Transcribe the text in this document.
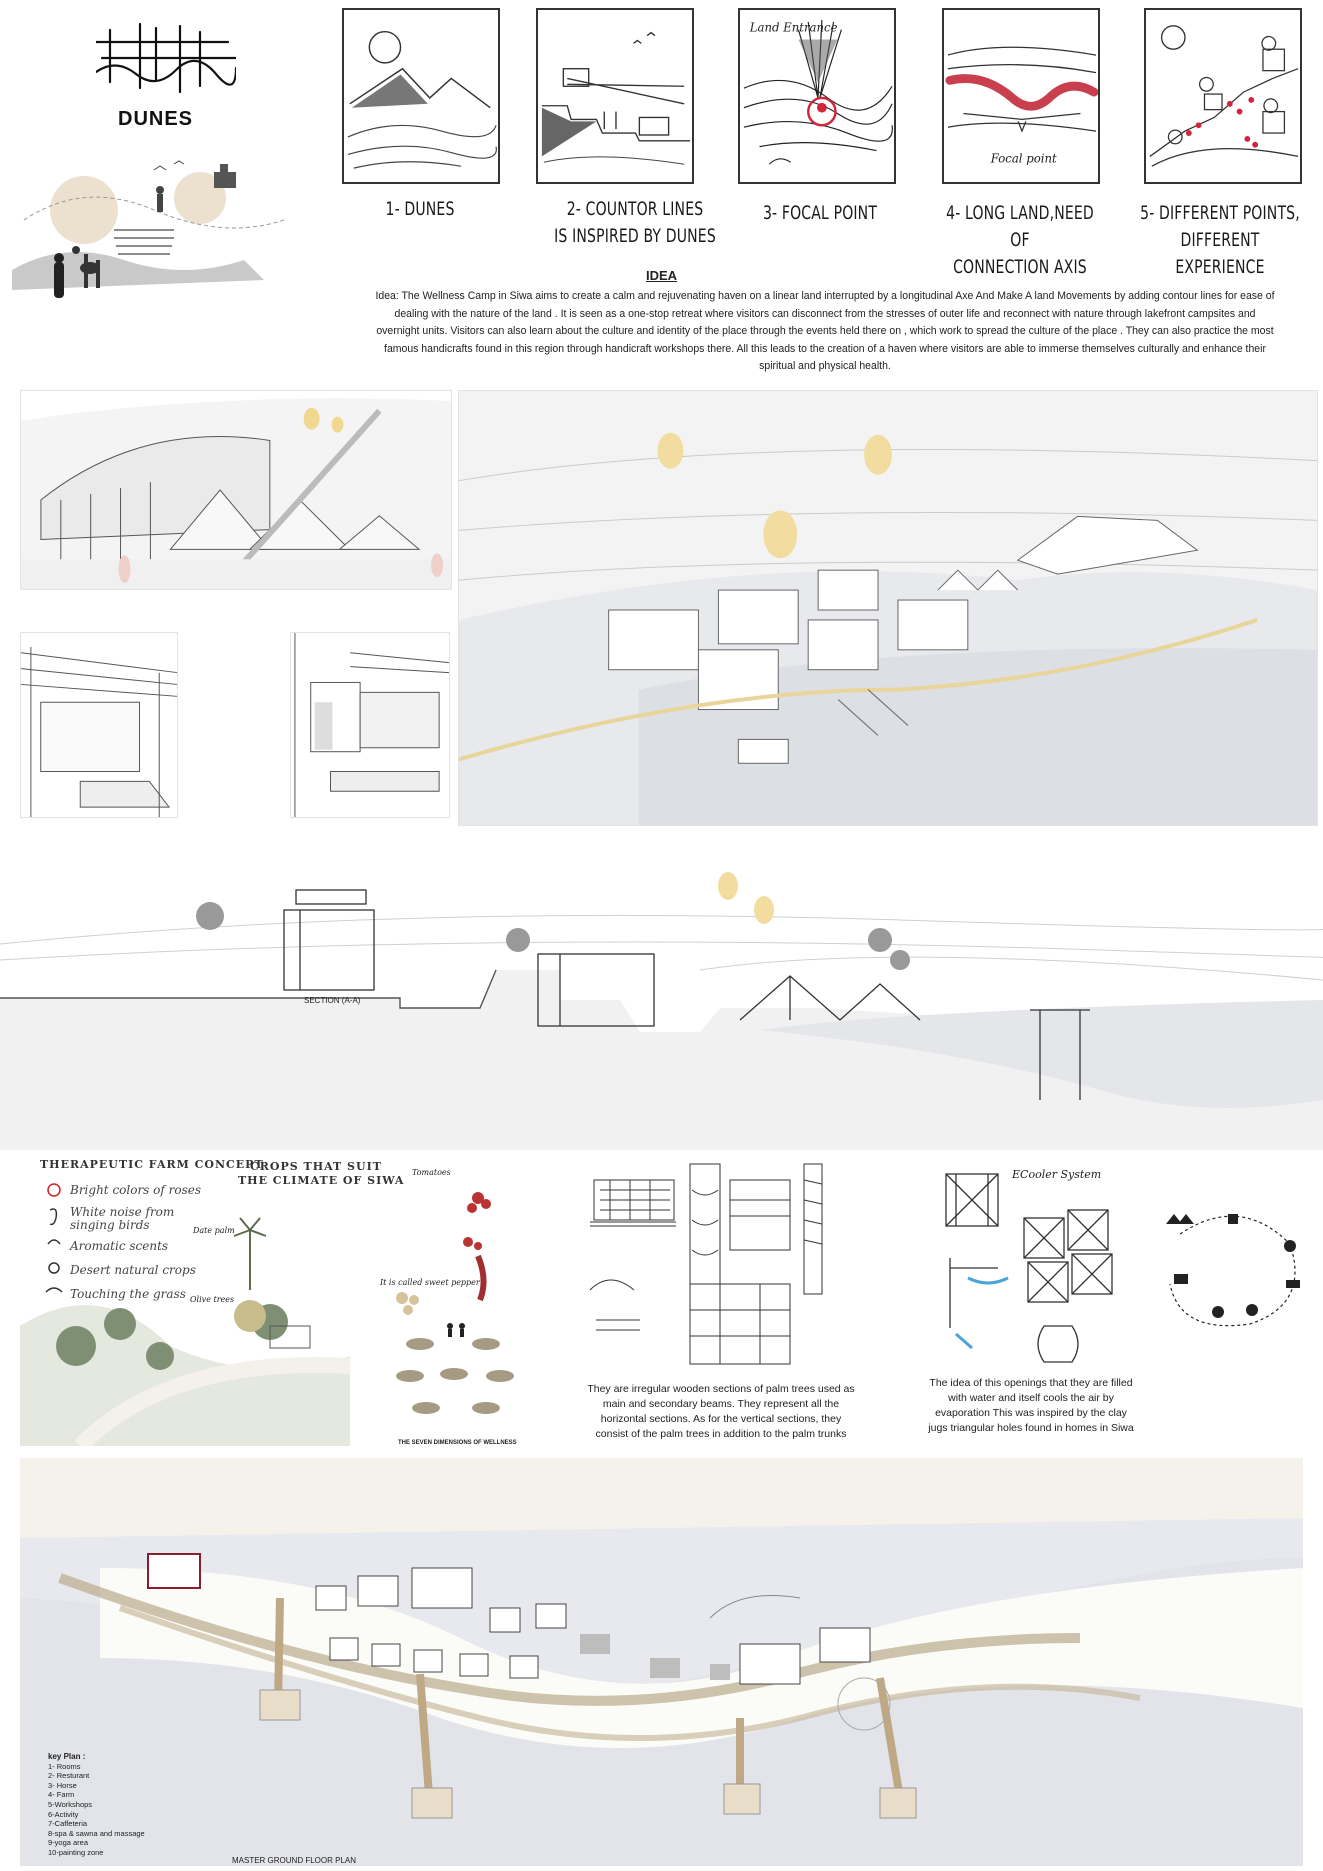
DUNES
Land Entrance
Focal point
1- DUNES	2- COUNTOR LINES
IS INSPIRED BY DUNES
3- FOCAL POINT	4- LONG LAND,NEED OF
CONNECTION AXIS
5- DIFFERENT POINTS,
DIFFERENT EXPERIENCE
IDEA
Idea: The Wellness Camp in Siwa aims to create a calm and rejuvenating haven on a linear land interrupted by a longitudinal Axe And Make A land Movements by adding contour lines for ease of dealing with the nature of the land . It is seen as a one-stop retreat where visitors can disconnect from the stresses of outer life and reconnect with nature through lakefront campsites and overnight units. Visitors can also learn about the culture and identity of the place through the events held there on , which work to spread the culture of the place . They can also practice the most famous handicrafts found in this region through handicraft workshops there. All this leads to the creation of a haven where visitors are able to immerse themselves culturally and enhance their spiritual and physical health.
SECTION (A-A)
THERAPEUTIC FARM CONCEPT
Bright colors of roses
White noise from singing birds
Aromatic scents
Desert natural crops
Touching the grass
CROPS THAT SUIT
THE CLIMATE OF SIWA
Date palm
Olive trees
Tomatoes
It is called sweet pepper
THE SEVEN DIMENSIONS OF WELLNESS
They are irregular wooden sections of palm trees used as main and secondary beams. They represent all the horizontal sections. As for the vertical sections, they consist of the palm trees in addition to the palm trunks
ECooler System
The idea of this openings that they are filled with water and itself cools the air by evaporation This was inspired by the clay jugs triangular holes found in homes in Siwa
key Plan :
1- Rooms
2- Resturant
3- Horse
4- Farm
5-Workshops
6-Activity
7-Caffeteria
8-spa & sawna and massage
9-yoga area
10-painting zone
MASTER GROUND FLOOR PLAN
